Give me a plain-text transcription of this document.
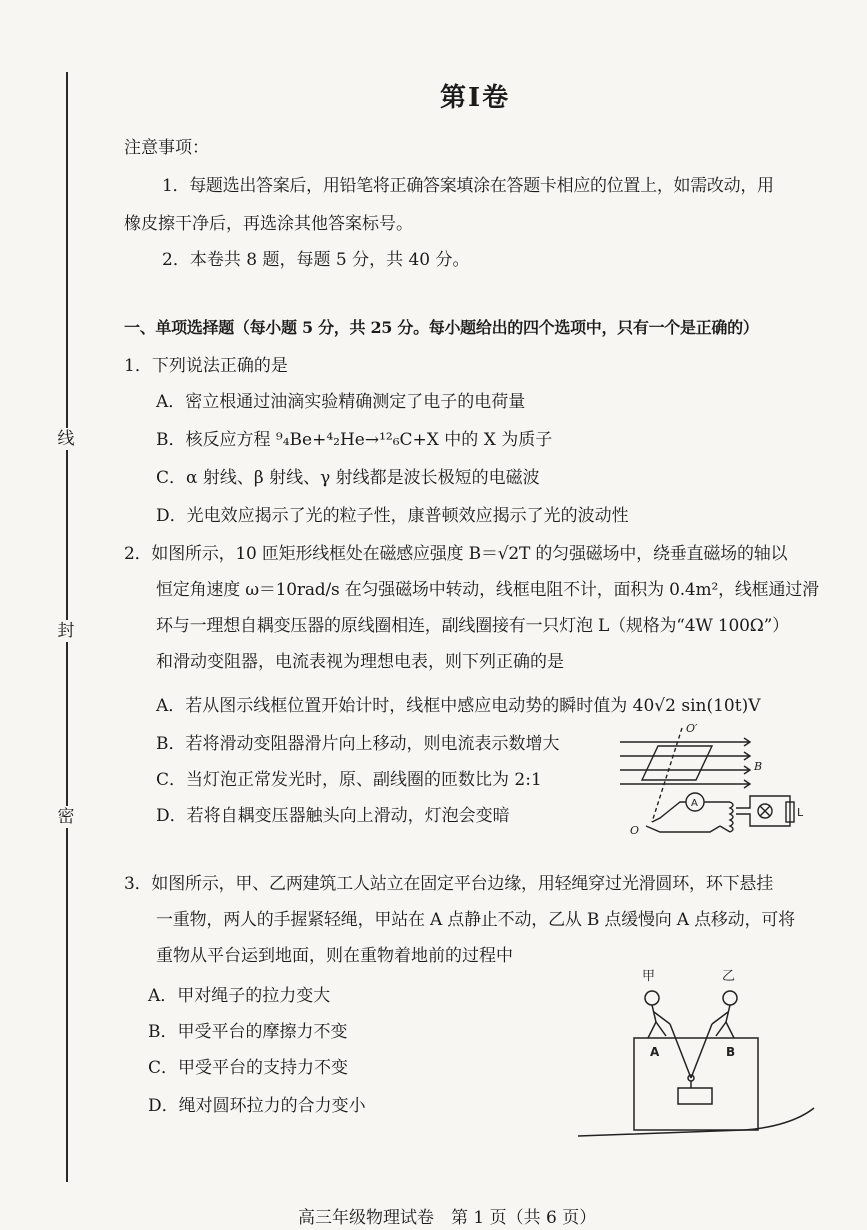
线
封
密
第Ⅰ卷
注意事项：
1．每题选出答案后，用铅笔将正确答案填涂在答题卡相应的位置上，如需改动，用
橡皮擦干净后，再选涂其他答案标号。
2．本卷共 8 题，每题 5 分，共 40 分。
一、单项选择题（每小题 5 分，共 25 分。每小题给出的四个选项中，只有一个是正确的）
1．下列说法正确的是
A．密立根通过油滴实验精确测定了电子的电荷量
B．核反应方程 ⁹₄Be+⁴₂He→¹²₆C+X 中的 X 为质子
C．α 射线、β 射线、γ 射线都是波长极短的电磁波
D．光电效应揭示了光的粒子性，康普顿效应揭示了光的波动性
2．如图所示，10 匝矩形线框处在磁感应强度 B＝√2T 的匀强磁场中，绕垂直磁场的轴以
恒定角速度 ω＝10rad/s 在匀强磁场中转动，线框电阻不计，面积为 0.4m²，线框通过滑
环与一理想自耦变压器的原线圈相连，副线圈接有一只灯泡 L（规格为“4W 100Ω”）
和滑动变阻器，电流表视为理想电表，则下列正确的是
A．若从图示线框位置开始计时，线框中感应电动势的瞬时值为 40√2 sin(10t)V
B．若将滑动变阻器滑片向上移动，则电流表示数增大
C．当灯泡正常发光时，原、副线圈的匝数比为 2:1
D．若将自耦变压器触头向上滑动，灯泡会变暗
O′
O
B
A
L
3．如图所示，甲、乙两建筑工人站立在固定平台边缘，用轻绳穿过光滑圆环，环下悬挂
一重物，两人的手握紧轻绳，甲站在 A 点静止不动，乙从 B 点缓慢向 A 点移动，可将
重物从平台运到地面，则在重物着地前的过程中
A．甲对绳子的拉力变大
B．甲受平台的摩擦力不变
C．甲受平台的支持力不变
D．绳对圆环拉力的合力变小
甲	乙
A	B
高三年级物理试卷　第 1 页（共 6 页）
